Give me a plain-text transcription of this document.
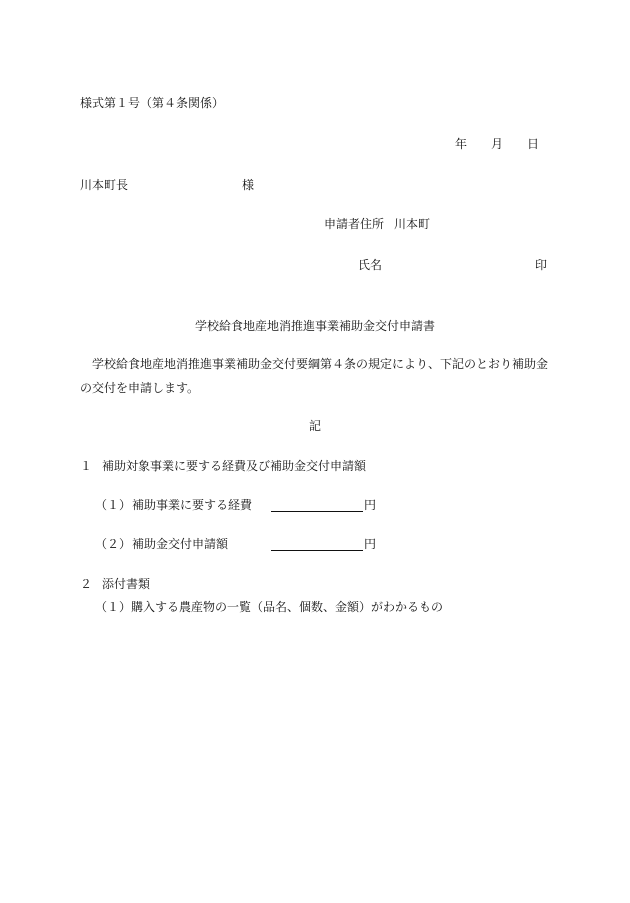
様式第１号（第４条関係）
年 月 日
川本町長	様
申請者住所 川本町
氏名	印
学校給食地産地消推進事業補助金交付申請書
学校給食地産地消推進事業補助金交付要綱第４条の規定により、下記のとおり補助金の交付を申請します。
記
１ 補助対象事業に要する経費及び補助金交付申請額
（１） 補助事業に要する経費	円
（２） 補助金交付申請額	円
２ 添付書類
（１）購入する農産物の一覧（品名、個数、金額）がわかるもの
